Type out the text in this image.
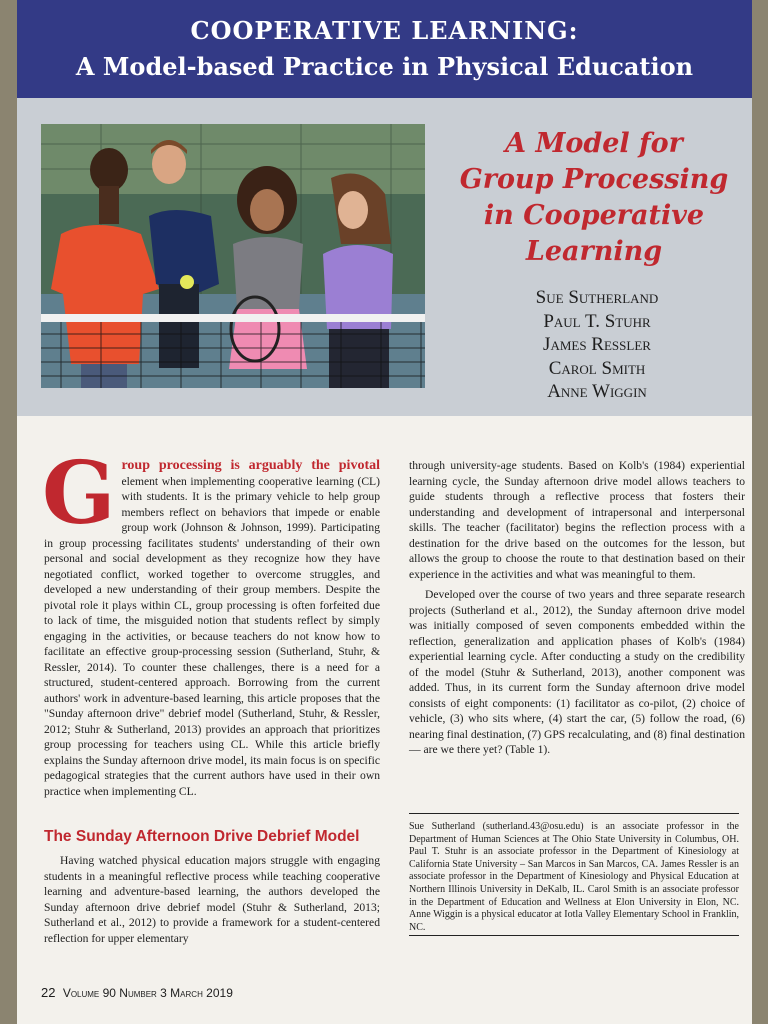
COOPERATIVE LEARNING:
A Model-based Practice in Physical Education
A Model for
Group Processing
in Cooperative
Learning
Sue Sutherland
Paul T. Stuhr
James Ressler
Carol Smith
Anne Wiggin
G roup processing is arguably the pivotal element when implementing cooperative learning (CL) with students. It is the primary vehicle to help group members reflect on behaviors that impede or enable group work (Johnson & Johnson, 1999). Participating in group processing facilitates students' understanding of their own personal and social development as they recognize how they have negotiated conflict, worked together to overcome struggles, and developed a new understanding of their group members. Despite the pivotal role it plays within CL, group processing is often forfeited due to lack of time, the misguided notion that students reflect by simply engaging in the activities, or because teachers do not know how to facilitate an effective group-processing session (Sutherland, Stuhr, & Ressler, 2014). To counter these challenges, there is a need for a structured, student-centered approach. Borrowing from the current authors' work in adventure-based learning, this article proposes that the "Sunday afternoon drive" debrief model (Sutherland, Stuhr, & Ressler, 2012; Stuhr & Sutherland, 2013) provides an approach that prioritizes group processing for teachers using CL. While this article briefly explains the Sunday afternoon drive model, its main focus is on specific pedagogical strategies that the current authors have used in their own practice when implementing CL.

The Sunday Afternoon Drive Debrief Model

Having watched physical education majors struggle with engaging students in a meaningful reflective process while teaching cooperative learning and adventure-based learning, the authors developed the Sunday afternoon drive debrief model (Stuhr & Sutherland, 2013; Sutherland et al., 2012) to provide a framework for a student-centered reflection for upper elementary

through university-age students. Based on Kolb's (1984) experiential learning cycle, the Sunday afternoon drive model allows teachers to guide students through a reflective process that fosters their understanding and development of intrapersonal and interpersonal skills. The teacher (facilitator) begins the reflection process with a destination for the drive based on the outcomes for the lesson, but allows the group to choose the route to that destination based on their experience in the activities and what was meaningful to them.

Developed over the course of two years and three separate research projects (Sutherland et al., 2012), the Sunday afternoon drive model was initially composed of seven components embedded within the reflection, generalization and application phases of Kolb's (1984) experiential learning cycle. After conducting a study on the credibility of the model (Stuhr & Sutherland, 2013), another component was added. Thus, in its current form the Sunday afternoon drive model consists of eight components: (1) facilitator as co-pilot, (2) choice of vehicle, (3) who sits where, (4) start the car, (5) follow the road, (6) nearing final destination, (7) GPS recalculating, and (8) final destination — are we there yet? (Table 1).

Sue Sutherland (sutherland.43@osu.edu) is an associate professor in the Department of Human Sciences at The Ohio State University in Columbus, OH. Paul T. Stuhr is an associate professor in the Department of Kinesiology at California State University – San Marcos in San Marcos, CA. James Ressler is an associate professor in the Department of Kinesiology and Physical Education at Northern Illinois University in DeKalb, IL. Carol Smith is an associate professor in the Department of Education and Wellness at Elon University in Elon, NC. Anne Wiggin is a physical educator at Iotla Valley Elementary School in Franklin, NC.
22 Volume 90 Number 3 March 2019
